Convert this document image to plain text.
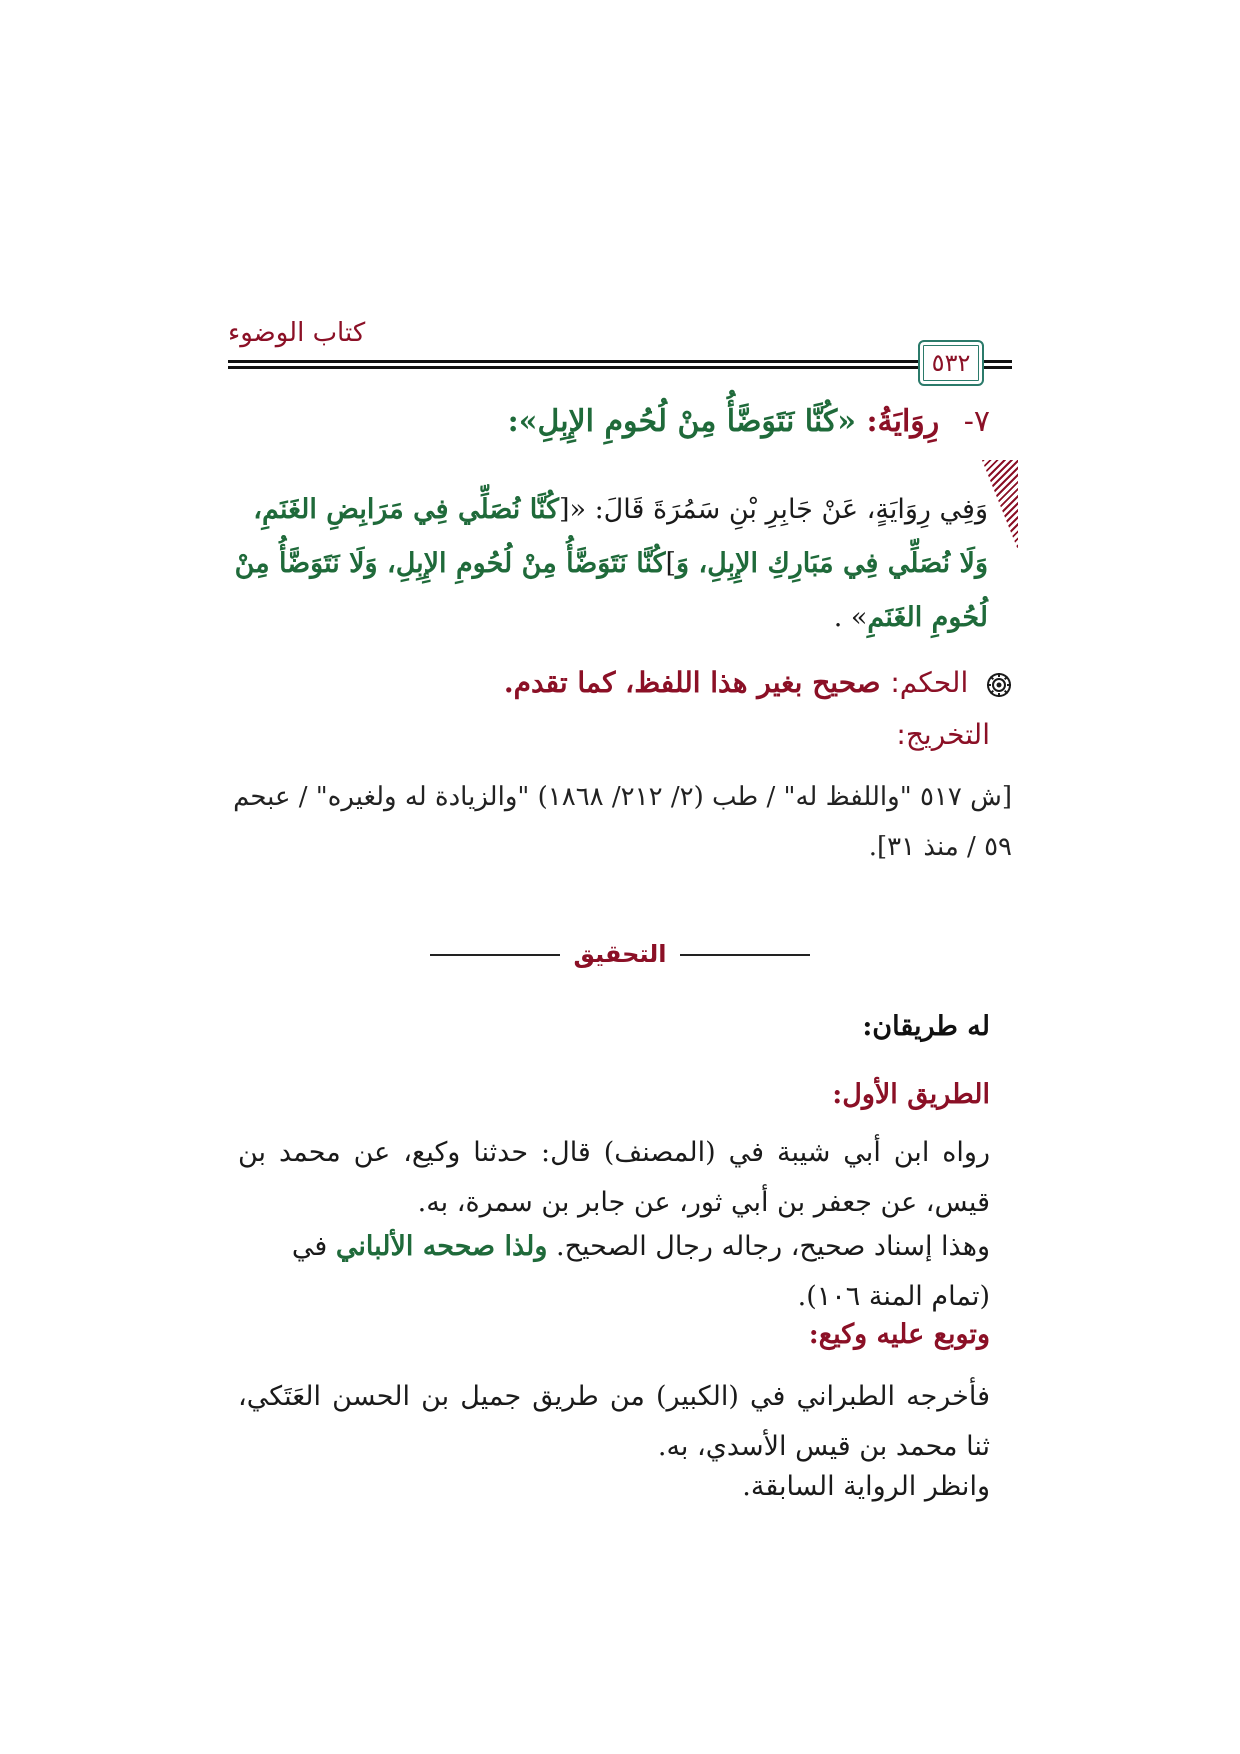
كتاب الوضوء
٥٣٢
٧- رِوَايَةُ: «كُنَّا نَتَوَضَّأُ مِنْ لُحُومِ الإِبِلِ»:
وَفِي رِوَايَةٍ، عَنْ جَابِرِ بْنِ سَمُرَةَ قَالَ: «[كُنَّا نُصَلِّي فِي مَرَابِضِ الغَنَمِ، وَلَا نُصَلِّي فِي مَبَارِكِ الإِبِلِ، وَ]كُنَّا نَتَوَضَّأُ مِنْ لُحُومِ الإِبِلِ، وَلَا نَتَوَضَّأُ مِنْ لُحُومِ الغَنَمِ» .
الحكم: صحيح بغير هذا اللفظ، كما تقدم.
التخريج:
[ش ٥١٧ "واللفظ له" / طب (٢/ ٢١٢/ ١٨٦٨) "والزيادة له ولغيره" / عبحم ٥٩ / منذ ٣١].
التحقيق
له طريقان:
الطريق الأول:
رواه ابن أبي شيبة في (المصنف) قال: حدثنا وكيع، عن محمد بن قيس، عن جعفر بن أبي ثور، عن جابر بن سمرة، به.
وهذا إسناد صحيح، رجاله رجال الصحيح. ولذا صححه الألباني في (تمام المنة ١٠٦).
وتوبع عليه وكيع:
فأخرجه الطبراني في (الكبير) من طريق جميل بن الحسن العَتَكي، ثنا محمد بن قيس الأسدي، به.
وانظر الرواية السابقة.
